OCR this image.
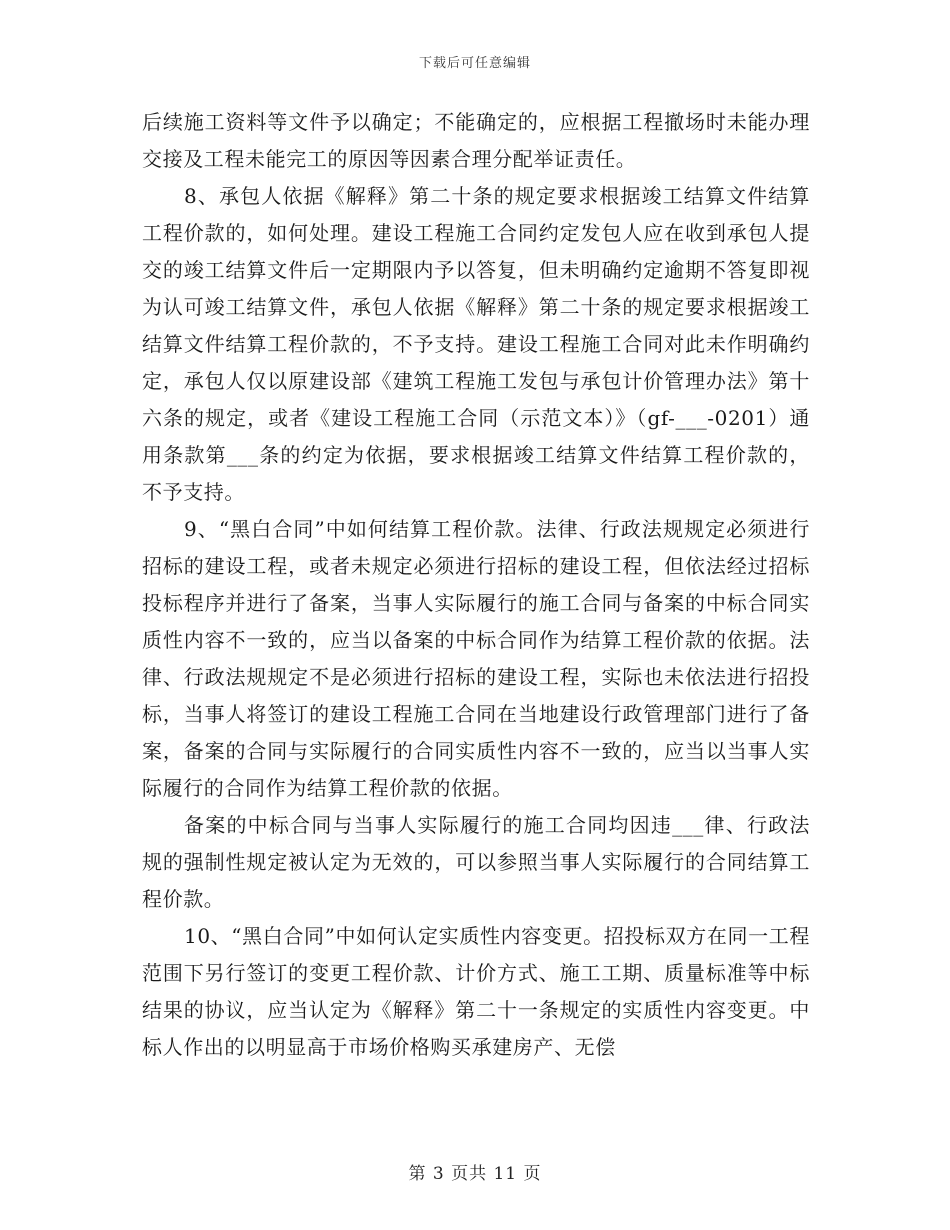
下载后可任意编辑

后续施工资料等文件予以确定；不能确定的，应根据工程撤场时未能办理交接及工程未能完工的原因等因素合理分配举证责任。

8、承包人依据《解释》第二十条的规定要求根据竣工结算文件结算工程价款的，如何处理。建设工程施工合同约定发包人应在收到承包人提交的竣工结算文件后一定期限内予以答复，但未明确约定逾期不答复即视为认可竣工结算文件，承包人依据《解释》第二十条的规定要求根据竣工结算文件结算工程价款的，不予支持。建设工程施工合同对此未作明确约定，承包人仅以原建设部《建筑工程施工发包与承包计价管理办法》第十六条的规定，或者《建设工程施工合同（示范文本）》（gf-___-0201）通用条款第___条的约定为依据，要求根据竣工结算文件结算工程价款的，不予支持。

9、“黑白合同”中如何结算工程价款。法律、行政法规规定必须进行招标的建设工程，或者未规定必须进行招标的建设工程，但依法经过招标投标程序并进行了备案，当事人实际履行的施工合同与备案的中标合同实质性内容不一致的，应当以备案的中标合同作为结算工程价款的依据。法律、行政法规规定不是必须进行招标的建设工程，实际也未依法进行招投标，当事人将签订的建设工程施工合同在当地建设行政管理部门进行了备案，备案的合同与实际履行的合同实质性内容不一致的，应当以当事人实际履行的合同作为结算工程价款的依据。

备案的中标合同与当事人实际履行的施工合同均因违___律、行政法规的强制性规定被认定为无效的，可以参照当事人实际履行的合同结算工程价款。

10、“黑白合同”中如何认定实质性内容变更。招投标双方在同一工程范围下另行签订的变更工程价款、计价方式、施工工期、质量标准等中标结果的协议，应当认定为《解释》第二十一条规定的实质性内容变更。中标人作出的以明显高于市场价格购买承建房产、无偿

第 3 页共 11 页
